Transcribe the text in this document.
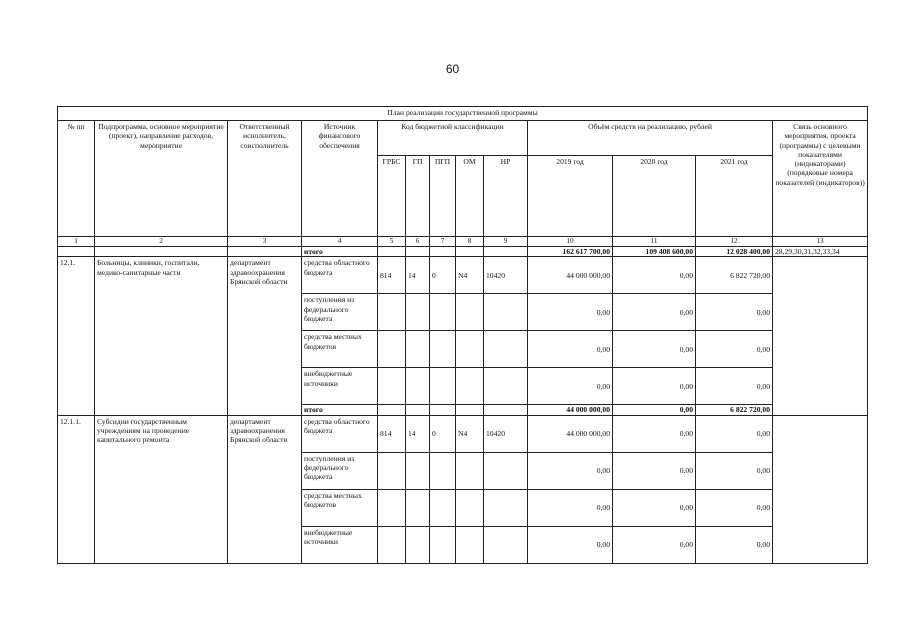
60
План реализации государственной программы												
№ пп	Подпрограмма, основное мероприятие (проект), направление расходов, мероприятие	Ответственный исполнитель, соисполнитель	Источник финансового обеспечения	Код бюджетной классификации					Объём средств на реализацию, рублей			Связь основного мероприятия, проекта (программы) с целевыми показателями (индикаторами) (порядковые номера показателей (индикаторов))
				ГРБС	ГП	ПГП	ОМ	НР	2019 год	2020 год	2021 год	
1	2	3	4	5	6	7	8	9	10	11	12	13
			итого						162 617 700,00	109 408 600,00	12 028 400,00	28,29,30,31,32,33,34
12.1.	Больницы, клиники, госпитали, медико-санитарные части	департамент здравоохранения Брянской области	средства областного бюджета	814	14	0	N4	10420	44 000 000,00	0,00	6 822 720,00	
			поступления из федерального бюджета						0,00	0,00	0,00	
			средства местных бюджетов						0,00	0,00	0,00	
			внебюджетные источники						0,00	0,00	0,00	
			итого						44 000 000,00	0,00	6 822 720,00	
12.1.1.	Субсидии государственным учреждениям на проведение капитального ремонта	департамент здравоохранения Брянской области	средства областного бюджета	814	14	0	N4	10420	44 000 000,00	0,00	0,00	
			поступления из федерального бюджета						0,00	0,00	0,00	
			средства местных бюджетов						0,00	0,00	0,00	
			внебюджетные источники						0,00	0,00	0,00	
